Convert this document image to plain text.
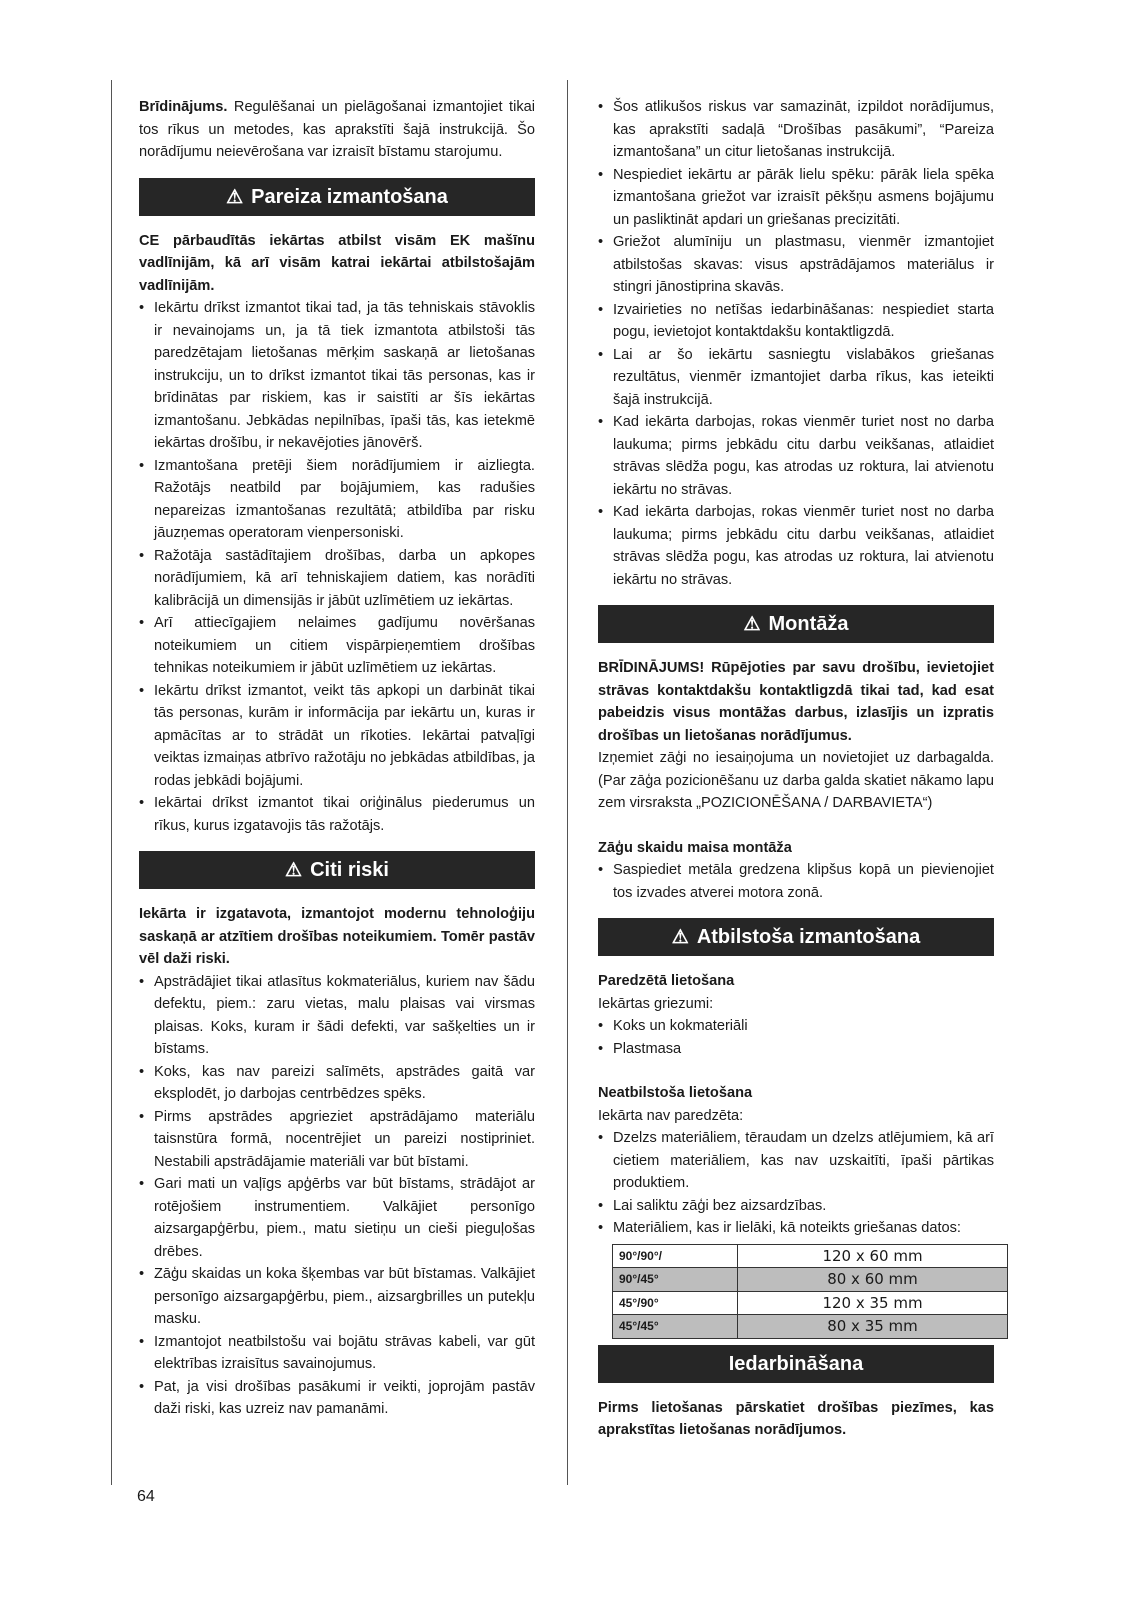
Brīdinājums. Regulēšanai un pielāgošanai izmantojiet tikai tos rīkus un metodes, kas aprakstīti šajā instrukcijā. Šo norādījumu neievērošana var izraisīt bīstamu starojumu.

⚠ Pareiza izmantošana

CE pārbaudītās iekārtas atbilst visām EK mašīnu vadlīnijām, kā arī visām katrai iekārtai atbilstošajām vadlīnijām.

• Iekārtu drīkst izmantot tikai tad, ja tās tehniskais stāvoklis ir nevainojams un, ja tā tiek izmantota atbilstoši tās paredzētajam lietošanas mērķim saskaņā ar lietošanas instrukciju, un to drīkst izmantot tikai tās personas, kas ir brīdinātas par riskiem, kas ir saistīti ar šīs iekārtas izmantošanu. Jebkādas nepilnības, īpaši tās, kas ietekmē iekārtas drošību, ir nekavējoties jānovērš.
• Izmantošana pretēji šiem norādījumiem ir aizliegta. Ražotājs neatbild par bojājumiem, kas radušies nepareizas izmantošanas rezultātā; atbildība par risku jāuzņemas operatoram vienpersoniski.
• Ražotāja sastādītajiem drošības, darba un apkopes norādījumiem, kā arī tehniskajiem datiem, kas norādīti kalibrācijā un dimensijās ir jābūt uzlīmētiem uz iekārtas.
• Arī attiecīgajiem nelaimes gadījumu novēršanas noteikumiem un citiem vispārpieņemtiem drošības tehnikas noteikumiem ir jābūt uzlīmētiem uz iekārtas.
• Iekārtu drīkst izmantot, veikt tās apkopi un darbināt tikai tās personas, kurām ir informācija par iekārtu un, kuras ir apmācītas ar to strādāt un rīkoties. Iekārtai patvaļīgi veiktas izmaiņas atbrīvo ražotāju no jebkādas atbildības, ja rodas jebkādi bojājumi.
• Iekārtai drīkst izmantot tikai oriģinālus piederumus un rīkus, kurus izgatavojis tās ražotājs.
⚠ Citi riski

Iekārta ir izgatavota, izmantojot modernu tehnoloģiju saskaņā ar atzītiem drošības noteikumiem. Tomēr pastāv vēl daži riski.

• Apstrādājiet tikai atlasītus kokmateriālus, kuriem nav šādu defektu, piem.: zaru vietas, malu plaisas vai virsmas plaisas. Koks, kuram ir šādi defekti, var sašķelties un ir bīstams.
• Koks, kas nav pareizi salīmēts, apstrādes gaitā var eksplodēt, jo darbojas centrbēdzes spēks.
• Pirms apstrādes apgrieziet apstrādājamo materiālu taisnstūra formā, nocentrējiet un pareizi nostipriniet. Nestabili apstrādājamie materiāli var būt bīstami.
• Gari mati un vaļīgs apģērbs var būt bīstams, strādājot ar rotējošiem instrumentiem. Valkājiet personīgo aizsargapģērbu, piem., matu sietiņu un cieši pieguļošas drēbes.
• Zāģu skaidas un koka šķembas var būt bīstamas. Valkājiet personīgo aizsargapģērbu, piem., aizsargbrilles un putekļu masku.
• Izmantojot neatbilstošu vai bojātu strāvas kabeli, var gūt elektrības izraisītus savainojumus.
• Pat, ja visi drošības pasākumi ir veikti, joprojām pastāv daži riski, kas uzreiz nav pamanāmi.
• Šos atlikušos riskus var samazināt, izpildot norādījumus, kas aprakstīti sadaļā “Drošības pasākumi”, “Pareiza izmantošana” un citur lietošanas instrukcijā.
• Nespiediet iekārtu ar pārāk lielu spēku: pārāk liela spēka izmantošana griežot var izraisīt pēkšņu asmens bojājumu un pasliktināt apdari un griešanas precizitāti.
• Griežot alumīniju un plastmasu, vienmēr izmantojiet atbilstošas skavas: visus apstrādājamos materiālus ir stingri jānostiprina skavās.
• Izvairieties no netīšas iedarbināšanas: nespiediet starta pogu, ievietojot kontaktdakšu kontaktligzdā.
• Lai ar šo iekārtu sasniegtu vislabākos griešanas rezultātus, vienmēr izmantojiet darba rīkus, kas ieteikti šajā instrukcijā.
• Kad iekārta darbojas, rokas vienmēr turiet nost no darba laukuma; pirms jebkādu citu darbu veikšanas, atlaidiet strāvas slēdža pogu, kas atrodas uz roktura, lai atvienotu iekārtu no strāvas.
• Kad iekārta darbojas, rokas vienmēr turiet nost no darba laukuma; pirms jebkādu citu darbu veikšanas, atlaidiet strāvas slēdža pogu, kas atrodas uz roktura, lai atvienotu iekārtu no strāvas.
⚠ Montāža

BRĪDINĀJUMS! Rūpējoties par savu drošību, ievietojiet strāvas kontaktdakšu kontaktligzdā tikai tad, kad esat pabeidzis visus montāžas darbus, izlasījis un izpratis drošības un lietošanas norādījumus.

Izņemiet zāģi no iesaiņojuma un novietojiet uz darbagalda. (Par zāģa pozicionēšanu uz darba galda skatiet nākamo lapu zem virsraksta „POZICIONĒŠANA / DARBAVIETA“)

Zāģu skaidu maisa montāža

• Saspiediet metāla gredzena klipšus kopā un pievienojiet tos izvades atverei motora zonā.
⚠ Atbilstoša izmantošana

Paredzētā lietošana

Iekārtas griezumi:

• Koks un kokmateriāli
• Plastmasa

Neatbilstoša lietošana

Iekārta nav paredzēta:

• Dzelzs materiāliem, tēraudam un dzelzs atlējumiem, kā arī cietiem materiāliem, kas nav uzskaitīti, īpaši pārtikas produktiem.
• Lai saliktu zāģi bez aizsardzības.
• Materiāliem, kas ir lielāki, kā noteikts griešanas datos:
90°/90°/	120 x 60 mm
90°/45°	80 x 60 mm
45°/90°	120 x 35 mm
45°/45°	80 x 35 mm
Iedarbināšana

Pirms lietošanas pārskatiet drošības piezīmes, kas aprakstītas lietošanas norādījumos.

64
